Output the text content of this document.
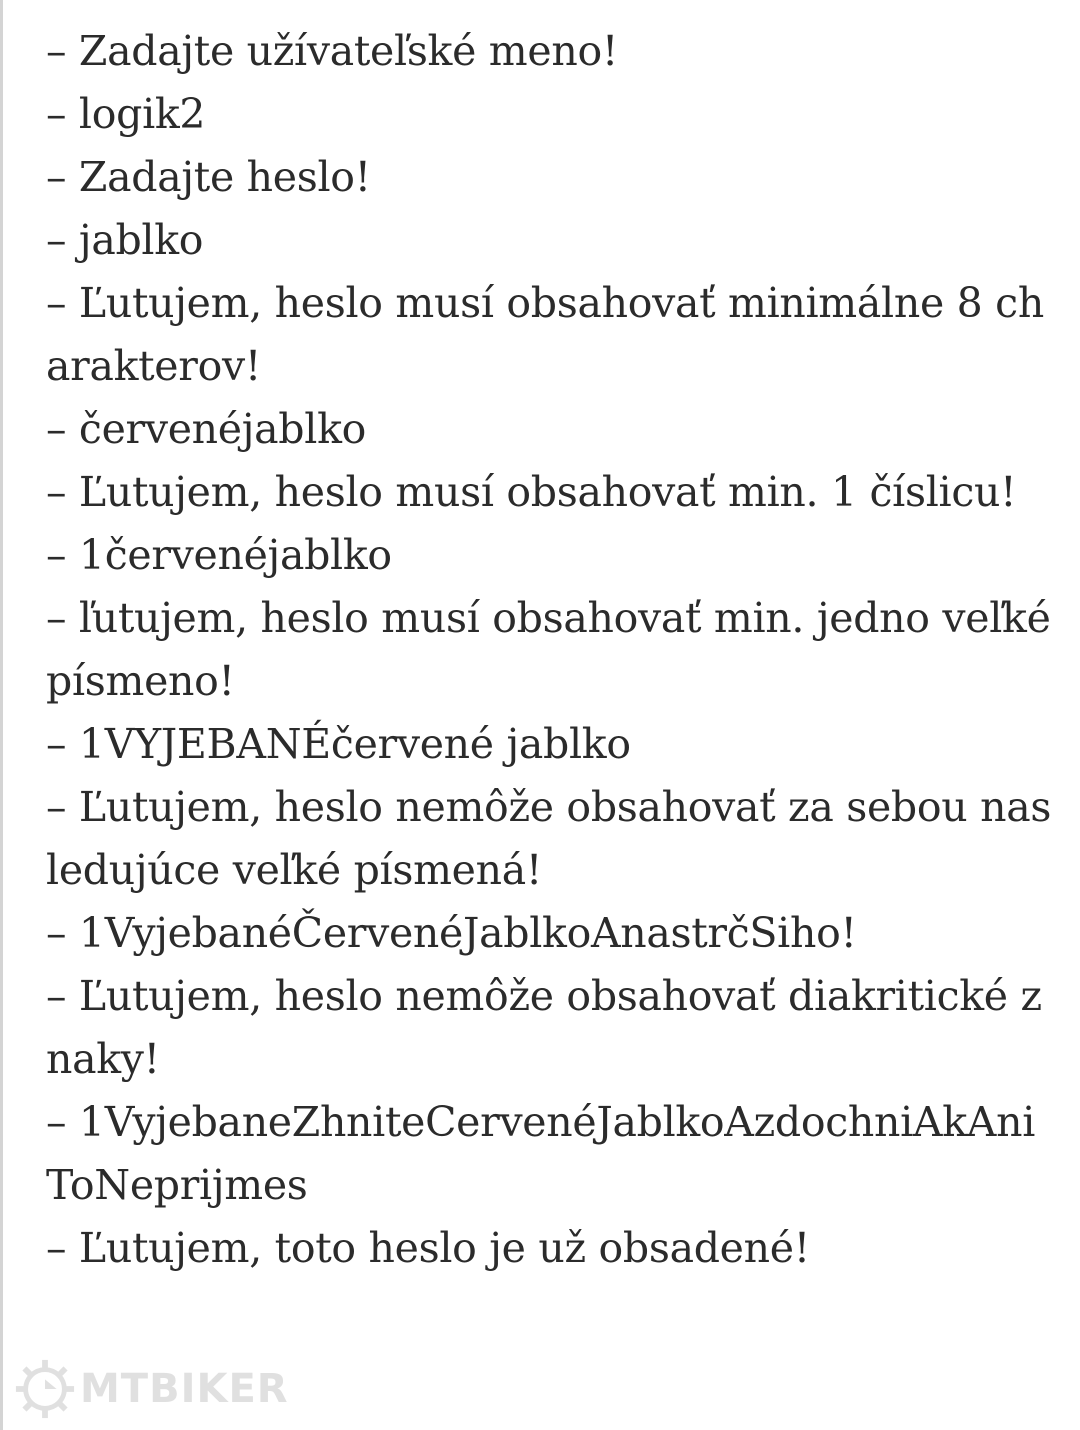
– Zadajte užívateľské meno!

– logik2

– Zadajte heslo!

– jablko

– Ľutujem, heslo musí obsahovať minimálne 8 charakterov!

– červenéjablko

– Ľutujem, heslo musí obsahovať min. 1 číslicu!

– 1červenéjablko

– ľutujem, heslo musí obsahovať min. jedno veľké písmeno!

– 1VYJEBANÉčervené jablko

– Ľutujem, heslo nemôže obsahovať za sebou nasledujúce veľké písmená!

– 1VyjebanéČervenéJablkoAnastrčSiho!

– Ľutujem, heslo nemôže obsahovať diakritické znaky!

– 1VyjebaneZhniteCervenéJablkoAzdochniAkAniToNeprijmes

– Ľutujem, toto heslo je už obsadené!

MTBIKER
